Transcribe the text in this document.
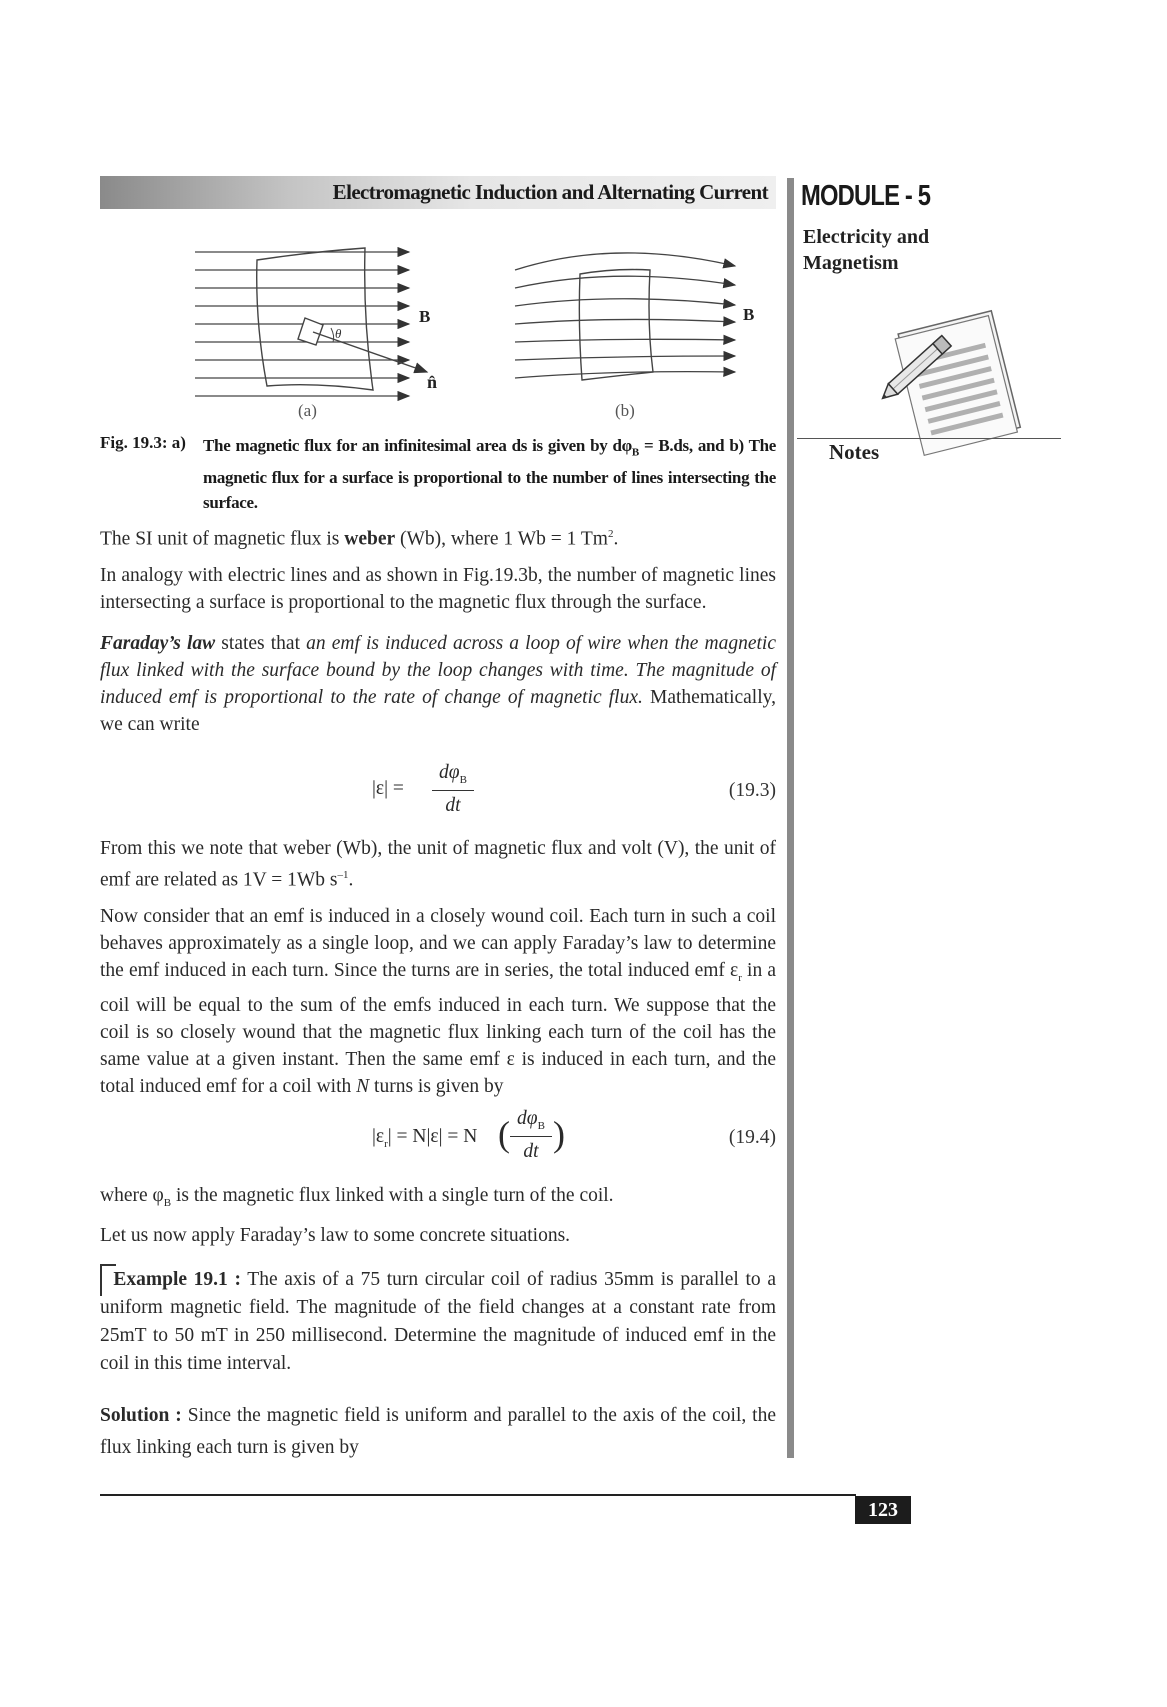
Electromagnetic Induction and Alternating Current MODULE - 5
Electricity and
Magnetism
Notes
θ
B
n̂
(a)
B
(b)
Fig. 19.3: a) The magnetic flux for an infinitesimal area ds is given by $d\varphi_B = B.ds$, and b) The magnetic flux for a surface is proportional to the number of lines intersecting the surface.
The SI unit of magnetic flux is weber (Wb), where 1 Wb = 1 Tm$^2$.
In analogy with electric lines and as shown in Fig.19.3b, the number of magnetic lines intersecting a surface is proportional to the magnetic flux through the surface.
Faraday’s law states that an emf is induced across a loop of wire when the magnetic flux linked with the surface bound by the loop changes with time. The magnitude of induced emf is proportional to the rate of change of magnetic flux. Mathematically, we can write
|ε| =
$d\varphi_B$
dt
(19.3)
From this we note that weber (Wb), the unit of magnetic flux and volt (V), the unit of emf are related as 1V = 1Wb $s^{-1}$.
Now consider that an emf is induced in a closely wound coil. Each turn in such a coil behaves approximately as a single loop, and we can apply Faraday’s law to determine the emf induced in each turn. Since the turns are in series, the total induced emf $\varepsilon_r$ in a coil will be equal to the sum of the emfs induced in each turn. We suppose that the coil is so closely wound that the magnetic flux linking each turn of the coil has the same value at a given instant. Then the same emf ε is induced in each turn, and the total induced emf for a coil with N turns is given by
$|\varepsilon_r| = N|\varepsilon| = N$ ( $d\varphi_B$
dt )	(19.4)
where $\varphi_B$ is the magnetic flux linked with a single turn of the coil.
Let us now apply Faraday’s law to some concrete situations.
Example 19.1 : The axis of a 75 turn circular coil of radius 35mm is parallel to a uniform magnetic field. The magnitude of the field changes at a constant rate from 25mT to 50 mT in 250 millisecond. Determine the magnitude of induced emf in the coil in this time interval.
Solution : Since the magnetic field is uniform and parallel to the axis of the coil, the flux linking each turn is given by
123
